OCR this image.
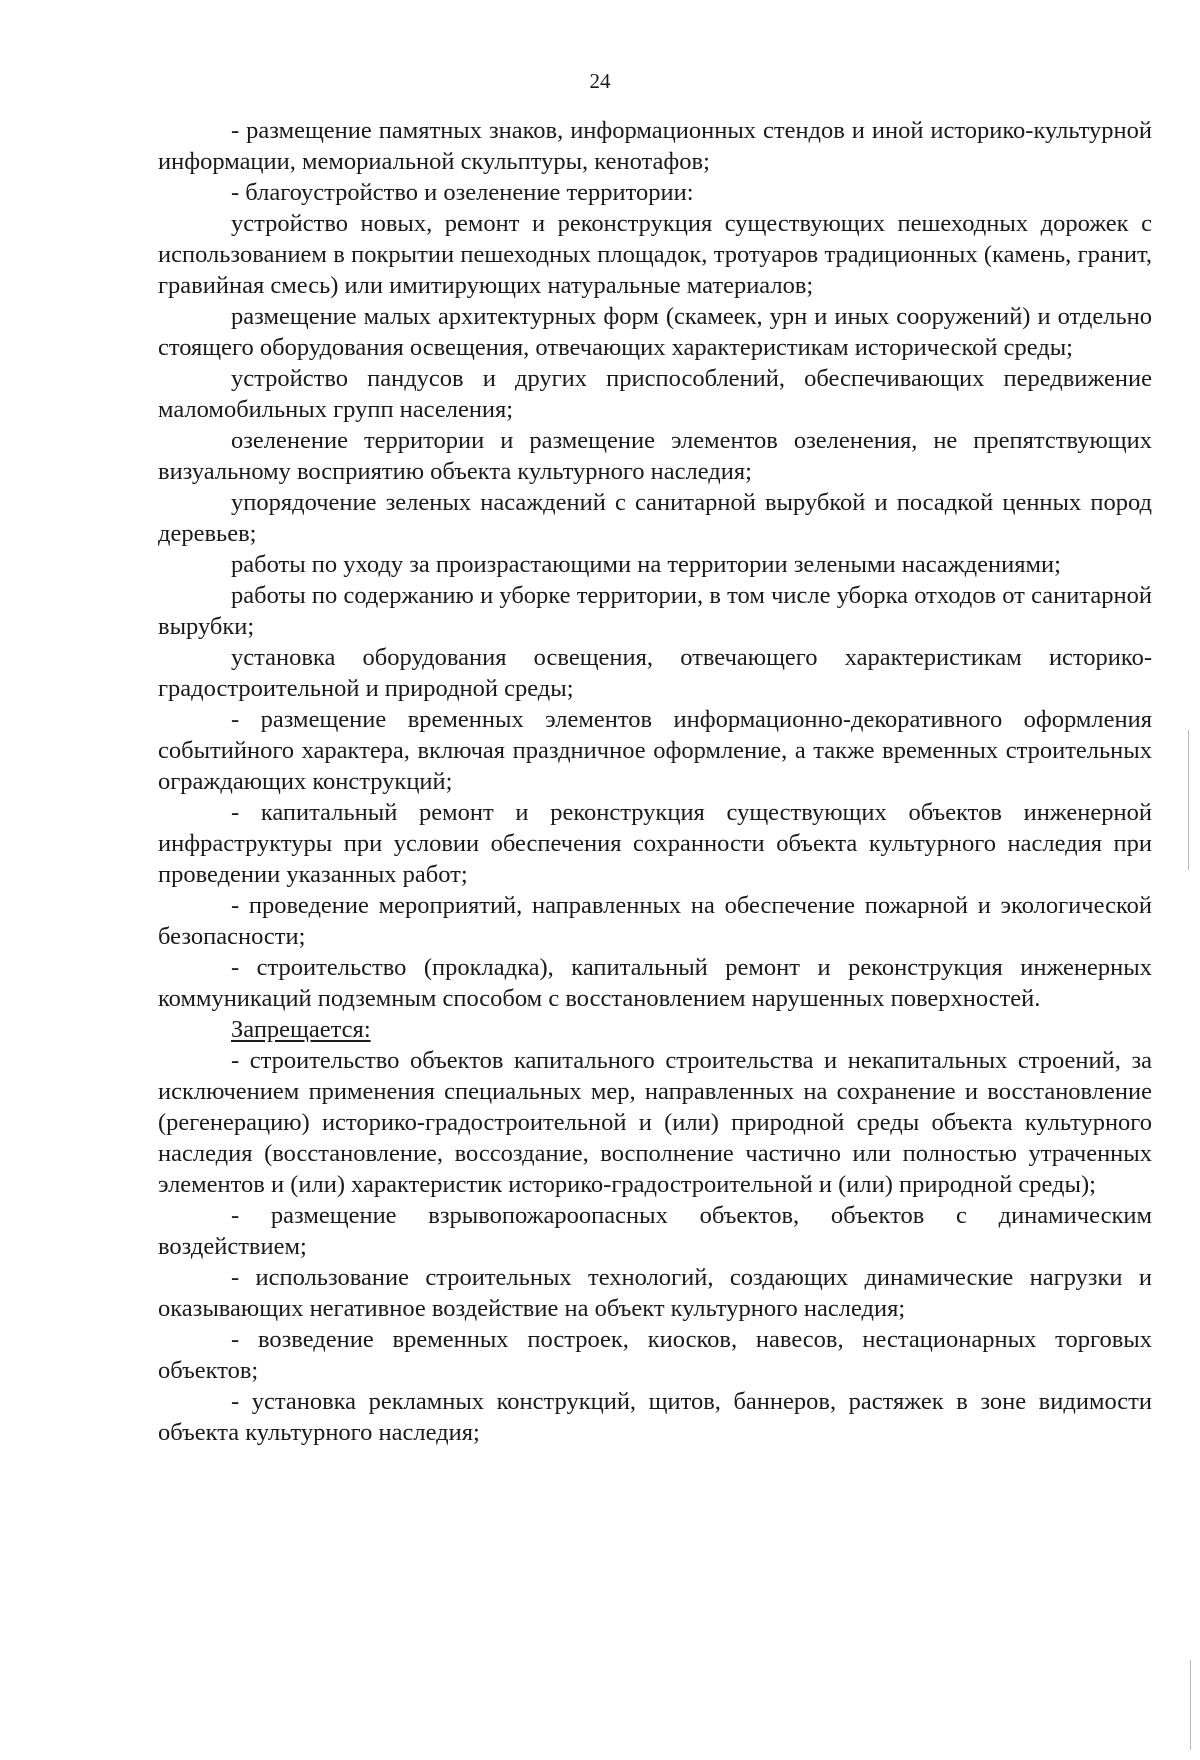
24

- размещение памятных знаков, информационных стендов и иной историко-культурной информации, мемориальной скульптуры, кенотафов;

- благоустройство и озеленение территории:

устройство новых, ремонт и реконструкция существующих пешеходных дорожек с использованием в покрытии пешеходных площадок, тротуаров традиционных (камень, гранит, гравийная смесь) или имитирующих натуральные материалов;

размещение малых архитектурных форм (скамеек, урн и иных сооружений) и отдельно стоящего оборудования освещения, отвечающих характеристикам исторической среды;

устройство пандусов и других приспособлений, обеспечивающих передвижение маломобильных групп населения;

озеленение территории и размещение элементов озеленения, не препятствующих визуальному восприятию объекта культурного наследия;

упорядочение зеленых насаждений с санитарной вырубкой и посадкой ценных пород деревьев;

работы по уходу за произрастающими на территории зелеными насаждениями;

работы по содержанию и уборке территории, в том числе уборка отходов от санитарной вырубки;

установка оборудования освещения, отвечающего характеристикам историко-градостроительной и природной среды;

- размещение временных элементов информационно-декоративного оформления событийного характера, включая праздничное оформление, а также временных строительных ограждающих конструкций;

- капитальный ремонт и реконструкция существующих объектов инженерной инфраструктуры при условии обеспечения сохранности объекта культурного наследия при проведении указанных работ;

- проведение мероприятий, направленных на обеспечение пожарной и экологической безопасности;

- строительство (прокладка), капитальный ремонт и реконструкция инженерных коммуникаций подземным способом с восстановлением нарушенных поверхностей.

Запрещается:

- строительство объектов капитального строительства и некапитальных строений, за исключением применения специальных мер, направленных на сохранение и восстановление (регенерацию) историко-градостроительной и (или) природной среды объекта культурного наследия (восстановление, воссоздание, восполнение частично или полностью утраченных элементов и (или) характеристик историко-градостроительной и (или) природной среды);

- размещение взрывопожароопасных объектов, объектов с динамическим воздействием;

- использование строительных технологий, создающих динамические нагрузки и оказывающих негативное воздействие на объект культурного наследия;

- возведение временных построек, киосков, навесов, нестационарных торговых объектов;

- установка рекламных конструкций, щитов, баннеров, растяжек в зоне видимости объекта культурного наследия;
